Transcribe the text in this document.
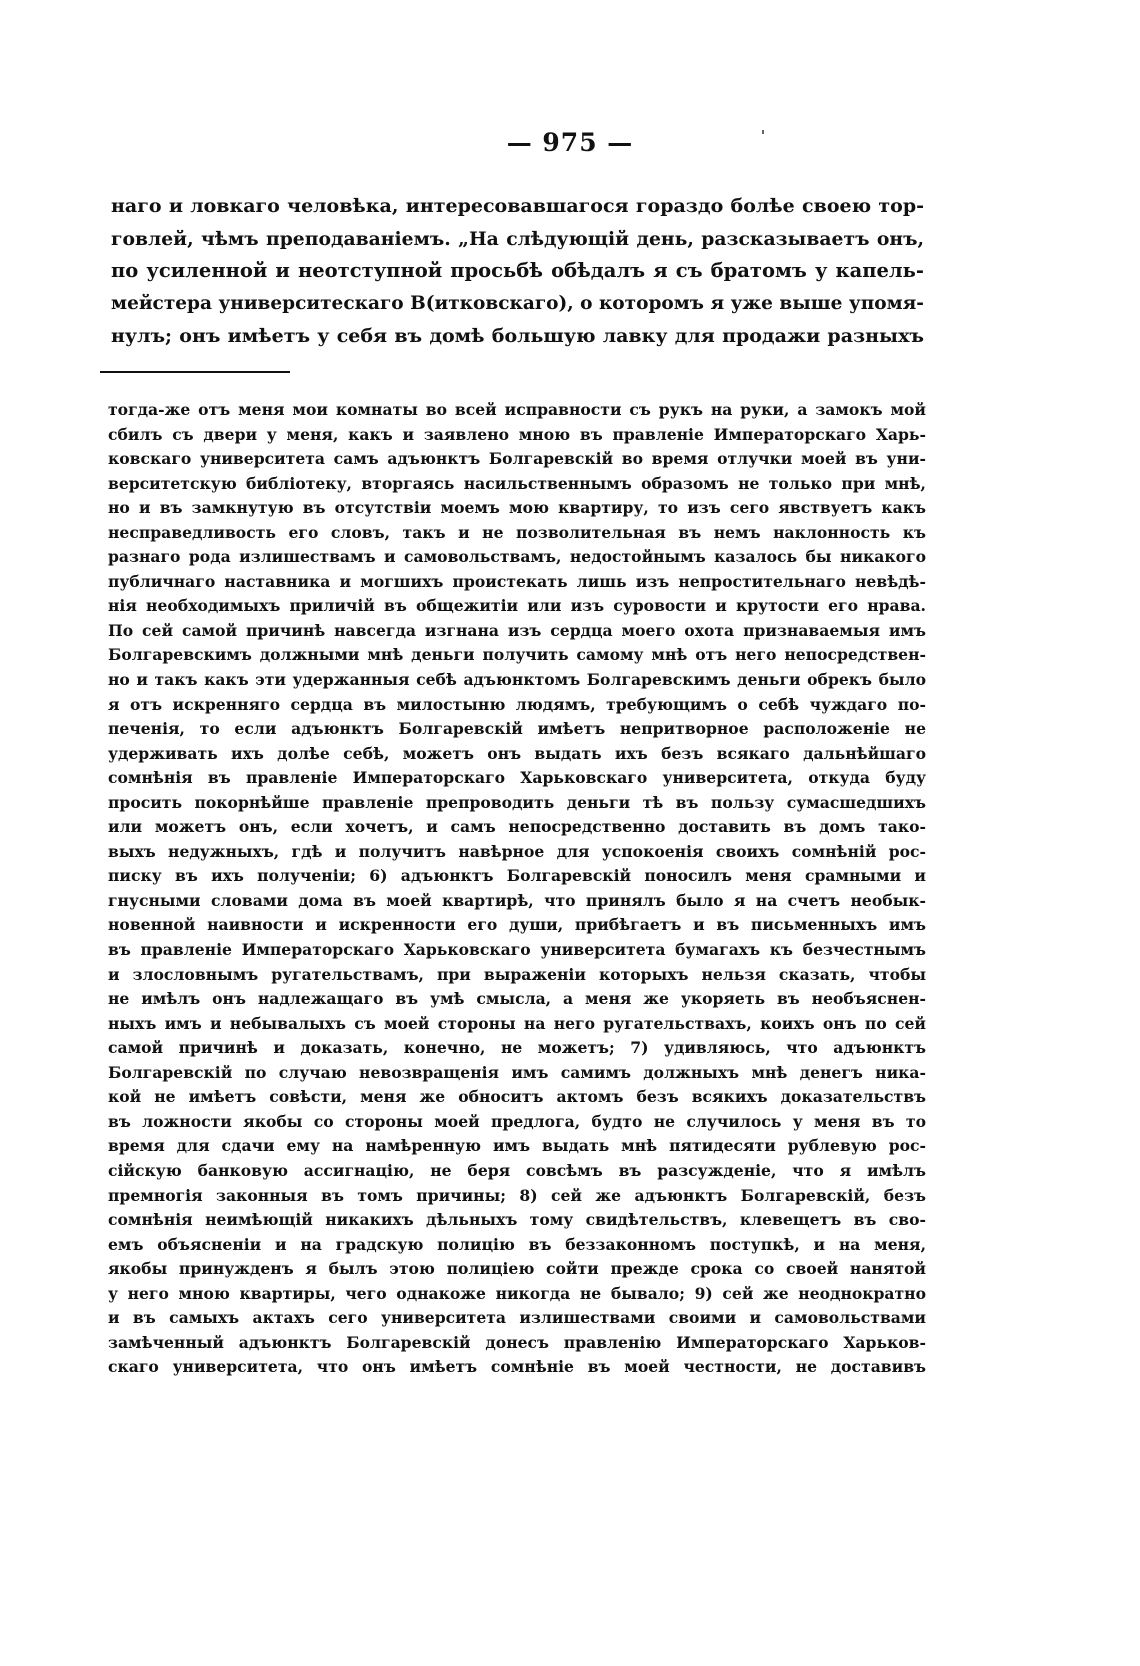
— 975 —
наго и ловкаго человѣка, интересовавшагося гораздо болѣе своею тор-
говлей, чѣмъ преподаваніемъ. „На слѣдующій день, разсказываетъ онъ,
по усиленной и неотступной просьбѣ обѣдалъ я съ братомъ у капель-
мейстера университескаго В(итковскаго), о которомъ я уже выше упомя-
нулъ; онъ имѣетъ у себя въ домѣ большую лавку для продажи разныхъ
тогда-же отъ меня мои комнаты во всей исправности съ рукъ на руки, а замокъ мой
сбилъ съ двери у меня, какъ и заявлено мною въ правленіе Императорскаго Харь-
ковскаго университета самъ адъюнктъ Болгаревскій во время отлучки моей въ уни-
верситетскую библіотеку, вторгаясь насильственнымъ образомъ не только при мнѣ,
но и въ замкнутую въ отсутствіи моемъ мою квартиру, то изъ сего явствуетъ какъ
несправедливость его словъ, такъ и не позволительная въ немъ наклонность къ
разнаго рода излишествамъ и самовольствамъ, недостойнымъ казалось бы никакого
публичнаго наставника и могшихъ проистекать лишь изъ непростительнаго невѣдѣ-
нія необходимыхъ приличій въ общежитіи или изъ суровости и крутости его нрава.
По сей самой причинѣ навсегда изгнана изъ сердца моего охота признаваемыя имъ
Болгаревскимъ должными мнѣ деньги получить самому мнѣ отъ него непосредствен-
но и такъ какъ эти удержанныя себѣ адъюнктомъ Болгаревскимъ деньги обрекъ было
я отъ искренняго сердца въ милостыню людямъ, требующимъ о себѣ чуждаго по-
печенія, то если адъюнктъ Болгаревскій имѣетъ непритворное расположеніе не
удерживать ихъ долѣе себѣ, можетъ онъ выдать ихъ безъ всякаго дальнѣйшаго
сомнѣнія въ правленіе Императорскаго Харьковскаго университета, откуда буду
просить покорнѣйше правленіе препроводить деньги тѣ въ пользу сумасшедшихъ
или можетъ онъ, если хочетъ, и самъ непосредственно доставить въ домъ тако-
выхъ недужныхъ, гдѣ и получитъ навѣрное для успокоенія своихъ сомнѣній рос-
писку въ ихъ полученіи; 6) адъюнктъ Болгаревскій поносилъ меня срамными и
гнусными словами дома въ моей квартирѣ, что принялъ было я на счетъ необык-
новенной наивности и искренности его души, прибѣгаетъ и въ письменныхъ имъ
въ правленіе Императорскаго Харьковскаго университета бумагахъ къ безчестнымъ
и злословнымъ ругательствамъ, при выраженіи которыхъ нельзя сказать, чтобы
не имѣлъ онъ надлежащаго въ умѣ смысла, а меня же укоряеть въ необъяснен-
ныхъ имъ и небывалыхъ съ моей стороны на него ругательствахъ, коихъ онъ по сей
самой причинѣ и доказать, конечно, не можетъ; 7) удивляюсь, что адъюнктъ
Болгаревскій по случаю невозвращенія имъ самимъ должныхъ мнѣ денегъ ника-
кой не имѣетъ совѣсти, меня же обноситъ актомъ безъ всякихъ доказательствъ
въ ложности якобы со стороны моей предлога, будто не случилось у меня въ то
время для сдачи ему на намѣренную имъ выдать мнѣ пятидесяти рублевую рос-
сійскую банковую ассигнацію, не беря совсѣмъ въ разсужденіе, что я имѣлъ
премногія законныя въ томъ причины; 8) сей же адъюнктъ Болгаревскій, безъ
сомнѣнія неимѣющій никакихъ дѣльныхъ тому свидѣтельствъ, клевещетъ въ сво-
емъ объясненіи и на градскую полицію въ беззаконномъ поступкѣ, и на меня,
якобы принужденъ я былъ этою полиціею сойти прежде срока со своей нанятой
у него мною квартиры, чего однакоже никогда не бывало; 9) сей же неоднократно
и въ самыхъ актахъ сего университета излишествами своими и самовольствами
замѣченный адъюнктъ Болгаревскій донесъ правленію Императорскаго Харьков-
скаго университета, что онъ имѣетъ сомнѣніе въ моей честности, не доставивъ
